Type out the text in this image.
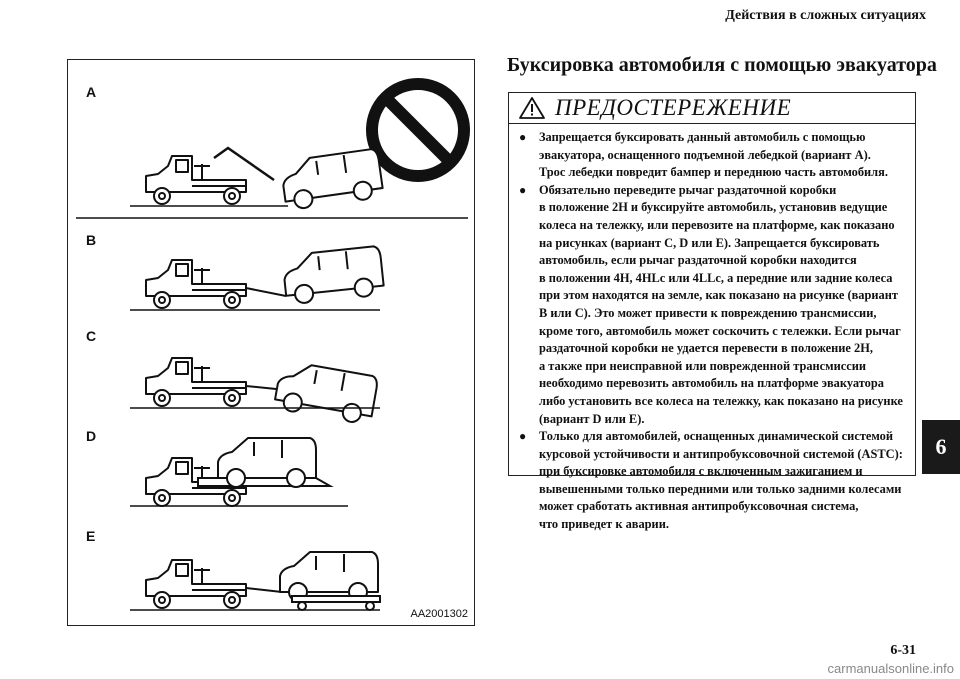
Действия в сложных ситуациях
A
B
C
D
E
AA2001302
Буксировка автомобиля с помощью эвакуатора
ПРЕДОСТЕРЕЖЕНИЕ
● Запрещается буксировать данный автомобиль с помощью
эвакуатора, оснащенного подъемной лебедкой (вариант A).
Трос лебедки повредит бампер и переднюю часть автомобиля.
● Обязательно переведите рычаг раздаточной коробки
в положение 2H и буксируйте автомобиль, установив ведущие
колеса на тележку, или перевозите на платформе, как показано
на рисунках (вариант C, D или E). Запрещается буксировать
автомобиль, если рычаг раздаточной коробки находится
в положении 4H, 4HLc или 4LLc, а передние или задние колеса
при этом находятся на земле, как показано на рисунке (вариант
B или C). Это может привести к повреждению трансмиссии,
кроме того, автомобиль может соскочить с тележки. Если рычаг
раздаточной коробки не удается перевести в положение 2H,
а также при неисправной или поврежденной трансмиссии
необходимо перевозить автомобиль на платформе эвакуатора
либо установить все колеса на тележку, как показано на рисунке
(вариант D или E).
● Только для автомобилей, оснащенных динамической системой
курсовой устойчивости и антипробуксовочной системой (ASTC):
при буксировке автомобиля с включенным зажиганием и
вывешенными только передними или только задними колесами
может сработать активная антипробуксовочная система,
что приведет к аварии.
6
6-31
carmanualsonline.info
